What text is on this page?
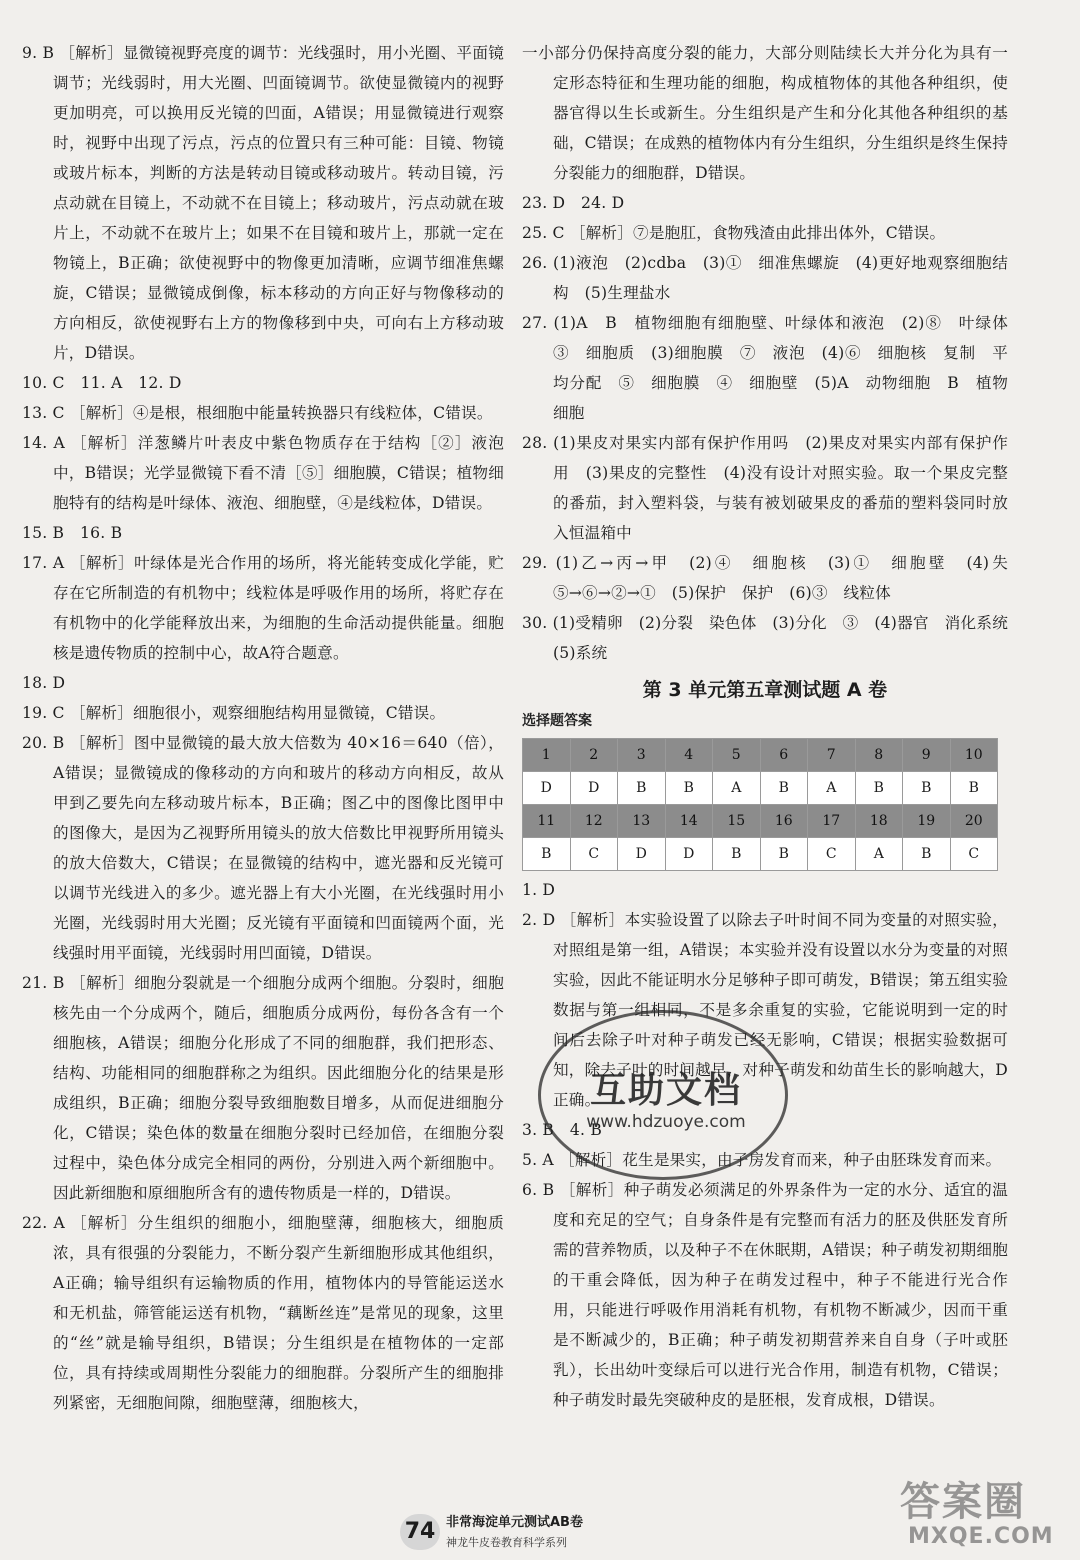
9. B ［解析］显微镜视野亮度的调节：光线强时，用小光圈、平面镜调节；光线弱时，用大光圈、凹面镜调节。欲使显微镜内的视野更加明亮，可以换用反光镜的凹面，A错误；用显微镜进行观察时，视野中出现了污点，污点的位置只有三种可能：目镜、物镜或玻片标本，判断的方法是转动目镜或移动玻片。转动目镜，污点动就在目镜上，不动就不在目镜上；移动玻片，污点动就在玻片上，不动就不在玻片上；如果不在目镜和玻片上，那就一定在物镜上，B正确；欲使视野中的物像更加清晰，应调节细准焦螺旋，C错误；显微镜成倒像，标本移动的方向正好与物像移动的方向相反，欲使视野右上方的物像移到中央，可向右上方移动玻片，D错误。

10. C　11. A　12. D

13. C ［解析］④是根，根细胞中能量转换器只有线粒体，C错误。

14. A ［解析］洋葱鳞片叶表皮中紫色物质存在于结构［②］液泡中，B错误；光学显微镜下看不清［⑤］细胞膜，C错误；植物细胞特有的结构是叶绿体、液泡、细胞壁，④是线粒体，D错误。

15. B　16. B

17. A ［解析］叶绿体是光合作用的场所，将光能转变成化学能，贮存在它所制造的有机物中；线粒体是呼吸作用的场所，将贮存在有机物中的化学能释放出来，为细胞的生命活动提供能量。细胞核是遗传物质的控制中心，故A符合题意。

18. D

19. C ［解析］细胞很小，观察细胞结构用显微镜，C错误。

20. B ［解析］图中显微镜的最大放大倍数为 40×16＝640（倍），A错误；显微镜成的像移动的方向和玻片的移动方向相反，故从甲到乙要先向左移动玻片标本，B正确；图乙中的图像比图甲中的图像大，是因为乙视野所用镜头的放大倍数比甲视野所用镜头的放大倍数大，C错误；在显微镜的结构中，遮光器和反光镜可以调节光线进入的多少。遮光器上有大小光圈，在光线强时用小光圈，光线弱时用大光圈；反光镜有平面镜和凹面镜两个面，光线强时用平面镜，光线弱时用凹面镜，D错误。

21. B ［解析］细胞分裂就是一个细胞分成两个细胞。分裂时，细胞核先由一个分成两个，随后，细胞质分成两份，每份各含有一个细胞核，A错误；细胞分化形成了不同的细胞群，我们把形态、结构、功能相同的细胞群称之为组织。因此细胞分化的结果是形成组织，B正确；细胞分裂导致细胞数目增多，从而促进细胞分化，C错误；染色体的数量在细胞分裂时已经加倍，在细胞分裂过程中，染色体分成完全相同的两份，分别进入两个新细胞中。因此新细胞和原细胞所含有的遗传物质是一样的，D错误。

22. A ［解析］分生组织的细胞小，细胞壁薄，细胞核大，细胞质浓，具有很强的分裂能力，不断分裂产生新细胞形成其他组织，A正确；输导组织有运输物质的作用，植物体内的导管能运送水和无机盐，筛管能运送有机物，“藕断丝连”是常见的现象，这里的“丝”就是输导组织，B错误；分生组织是在植物体的一定部位，具有持续或周期性分裂能力的细胞群。分裂所产生的细胞排列紧密，无细胞间隙，细胞壁薄，细胞核大，

一小部分仍保持高度分裂的能力，大部分则陆续长大并分化为具有一定形态特征和生理功能的细胞，构成植物体的其他各种组织，使器官得以生长或新生。分生组织是产生和分化其他各种组织的基础，C错误；在成熟的植物体内有分生组织，分生组织是终生保持分裂能力的细胞群，D错误。

23. D　24. D

25. C ［解析］⑦是胞肛，食物残渣由此排出体外，C错误。

26. (1)液泡　(2)cdba　(3)①　细准焦螺旋　(4)更好地观察细胞结构　(5)生理盐水

27. (1)A　B　植物细胞有细胞壁、叶绿体和液泡　(2)⑧　叶绿体　③　细胞质　(3)细胞膜　⑦　液泡　(4)⑥　细胞核　复制　平均分配　⑤　细胞膜　④　细胞壁　(5)A　动物细胞　B　植物细胞

28. (1)果皮对果实内部有保护作用吗　(2)果皮对果实内部有保护作用　(3)果皮的完整性　(4)没有设计对照实验。取一个果皮完整的番茄，封入塑料袋，与装有被划破果皮的番茄的塑料袋同时放入恒温箱中

29. (1)乙→丙→甲　(2)④　细胞核　(3)①　细胞壁　(4)失　⑤→⑥→②→①　(5)保护　保护　(6)③　线粒体

30. (1)受精卵　(2)分裂　染色体　(3)分化　③　(4)器官　消化系统　(5)系统

第 3 单元第五章测试题 A 卷
选择题答案
1	2	3	4	5	6	7	8	9	10
D	D	B	B	A	B	A	B	B	B
11	12	13	14	15	16	17	18	19	20
B	C	D	D	B	B	C	A	B	C

1. D

2. D ［解析］本实验设置了以除去子叶时间不同为变量的对照实验，对照组是第一组，A错误；本实验并没有设置以水分为变量的对照实验，因此不能证明水分足够种子即可萌发，B错误；第五组实验数据与第一组相同，不是多余重复的实验，它能说明到一定的时间后去除子叶对种子萌发已经无影响，C错误；根据实验数据可知，除去子叶的时间越早，对种子萌发和幼苗生长的影响越大，D正确。

3. B　4. B

5. A ［解析］花生是果实，由子房发育而来，种子由胚珠发育而来。

6. B ［解析］种子萌发必须满足的外界条件为一定的水分、适宜的温度和充足的空气；自身条件是有完整而有活力的胚及供胚发育所需的营养物质，以及种子不在休眠期，A错误；种子萌发初期细胞的干重会降低，因为种子在萌发过程中，种子不能进行光合作用，只能进行呼吸作用消耗有机物，有机物不断减少，因而干重是不断减少的，B正确；种子萌发初期营养来自自身（子叶或胚乳），长出幼叶变绿后可以进行光合作用，制造有机物，C错误；种子萌发时最先突破种皮的是胚根，发育成根，D错误。

互助文档
www.hdzuoye.com
74 非常海淀单元测试AB卷
神龙牛皮卷教育科学系列
答案圈
MXQE.COM
